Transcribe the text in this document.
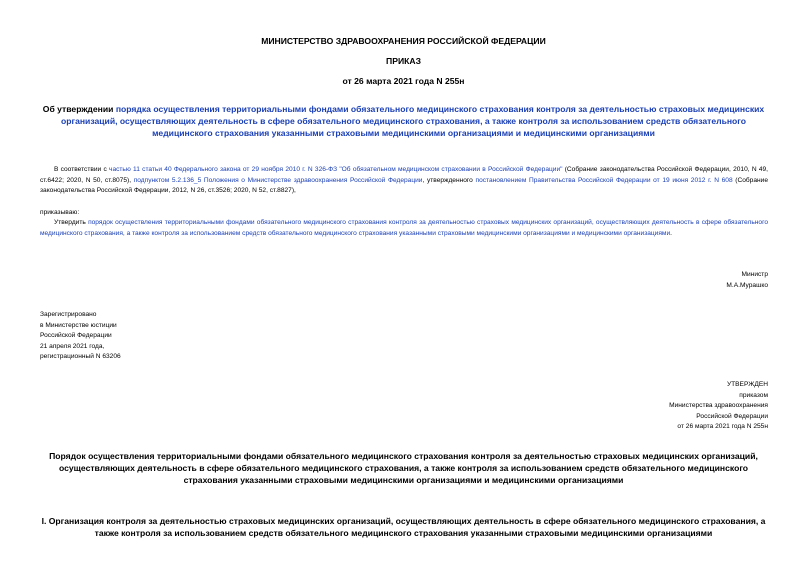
МИНИСТЕРСТВО ЗДРАВООХРАНЕНИЯ РОССИЙСКОЙ ФЕДЕРАЦИИ
ПРИКАЗ
от 26 марта 2021 года N 255н
Об утверждении порядка осуществления территориальными фондами обязательного медицинского страхования контроля за деятельностью страховых медицинских организаций, осуществляющих деятельность в сфере обязательного медицинского страхования, а также контроля за использованием средств обязательного медицинского страхования указанными страховыми медицинскими организациями и медицинскими организациями
В соответствии с частью 11 статьи 40 Федерального закона от 29 ноября 2010 г. N 326-ФЗ "Об обязательном медицинском страховании в Российской Федерации" (Собрание законодательства Российской Федерации, 2010, N 49, ст.6422; 2020, N 50, ст.8075), подпунктом 5.2.136_5 Положения о Министерстве здравоохранения Российской Федерации, утвержденного постановлением Правительства Российской Федерации от 19 июня 2012 г. N 608 (Собрание законодательства Российской Федерации, 2012, N 26, ст.3526; 2020, N 52, ст.8827),
приказываю:
Утвердить порядок осуществления территориальными фондами обязательного медицинского страхования контроля за деятельностью страховых медицинских организаций, осуществляющих деятельность в сфере обязательного медицинского страхования, а также контроля за использованием средств обязательного медицинского страхования указанными страховыми медицинскими организациями и медицинскими организациями.
Министр
М.А.Мурашко
Зарегистрировано
в Министерстве юстиции
Российской Федерации
21 апреля 2021 года,
регистрационный N 63206
УТВЕРЖДЕН
приказом
Министерства здравоохранения
Российской Федерации
от 26 марта 2021 года N 255н
Порядок осуществления территориальными фондами обязательного медицинского страхования контроля за деятельностью страховых медицинских организаций, осуществляющих деятельность в сфере обязательного медицинского страхования, а также контроля за использованием средств обязательного медицинского страхования указанными страховыми медицинскими организациями и медицинскими организациями
I. Организация контроля за деятельностью страховых медицинских организаций, осуществляющих деятельность в сфере обязательного медицинского страхования, а также контроля за использованием средств обязательного медицинского страхования указанными страховыми медицинскими организациями
